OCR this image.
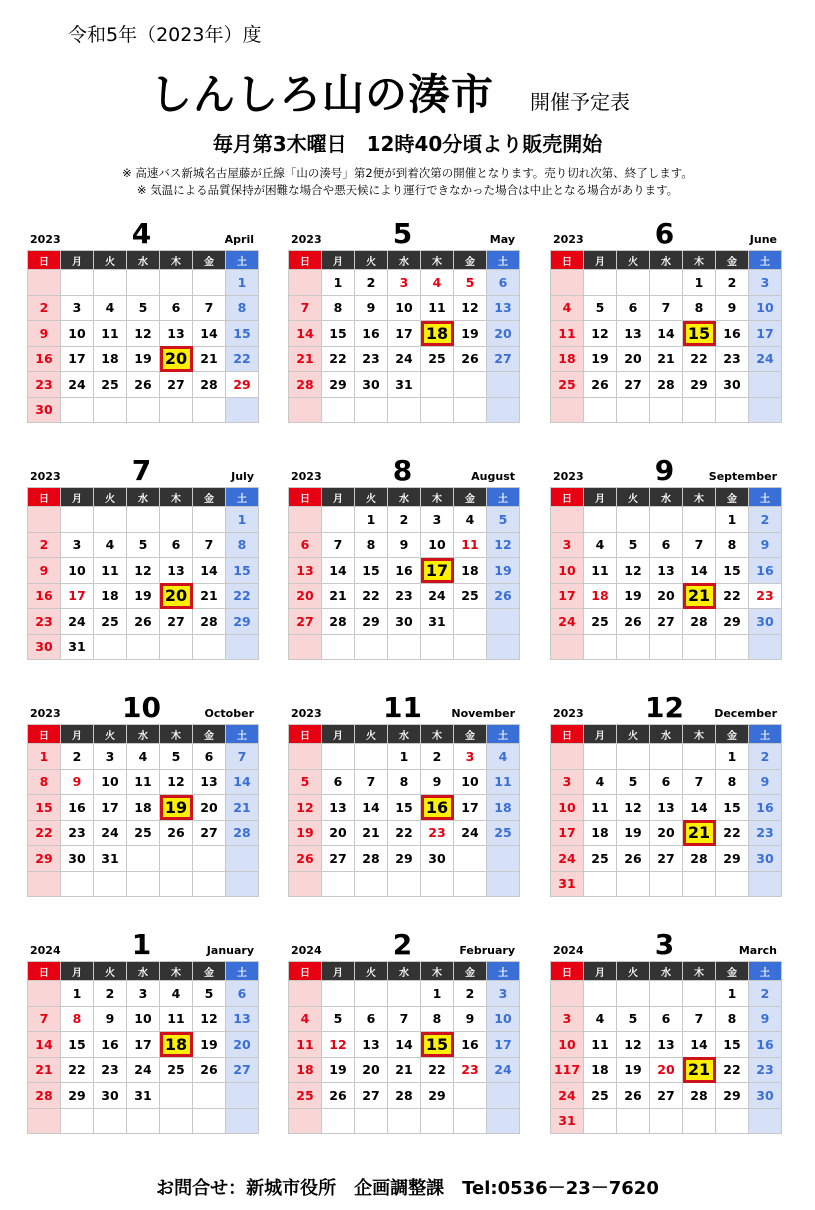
令和5年（2023年）度
しんしろ山の湊市 開催予定表
毎月第3木曜日　12時40分頃より販売開始
※ 高速バス新城名古屋藤が丘線「山の湊号」第2便が到着次第の開催となります。売り切れ次第、終了します。
※ 気温による品質保持が困難な場合や悪天候により運行できなかった場合は中止となる場合があります。
2023	4	April
日	月	火	水	木	金	土
						1
2	3	4	5	6	7	8
9	10	11	12	13	14	15
16	17	18	19	20	21	22
23	24	25	26	27	28	29
30						
2023	5	May
日	月	火	水	木	金	土
	1	2	3	4	5	6
7	8	9	10	11	12	13
14	15	16	17	18	19	20
21	22	23	24	25	26	27
28	29	30	31			

2023	6	June
日	月	火	水	木	金	土
				1	2	3
4	5	6	7	8	9	10
11	12	13	14	15	16	17
18	19	20	21	22	23	24
25	26	27	28	29	30	

2023	7	July
日	月	火	水	木	金	土
						1
2	3	4	5	6	7	8
9	10	11	12	13	14	15
16	17	18	19	20	21	22
23	24	25	26	27	28	29
30	31					
2023	8	August
日	月	火	水	木	金	土
		1	2	3	4	5
6	7	8	9	10	11	12
13	14	15	16	17	18	19
20	21	22	23	24	25	26
27	28	29	30	31		

2023	9	September
日	月	火	水	木	金	土
					1	2
3	4	5	6	7	8	9
10	11	12	13	14	15	16
17	18	19	20	21	22	23
24	25	26	27	28	29	30

2023	10	October
日	月	火	水	木	金	土
1	2	3	4	5	6	7
8	9	10	11	12	13	14
15	16	17	18	19	20	21
22	23	24	25	26	27	28
29	30	31				

2023	11	November
日	月	火	水	木	金	土
			1	2	3	4
5	6	7	8	9	10	11
12	13	14	15	16	17	18
19	20	21	22	23	24	25
26	27	28	29	30		

2023	12	December
日	月	火	水	木	金	土
					1	2
3	4	5	6	7	8	9
10	11	12	13	14	15	16
17	18	19	20	21	22	23
24	25	26	27	28	29	30
31						
2024	1	January
日	月	火	水	木	金	土
	1	2	3	4	5	6
7	8	9	10	11	12	13
14	15	16	17	18	19	20
21	22	23	24	25	26	27
28	29	30	31			

2024	2	February
日	月	火	水	木	金	土
				1	2	3
4	5	6	7	8	9	10
11	12	13	14	15	16	17
18	19	20	21	22	23	24
25	26	27	28	29		

2024	3	March
日	月	火	水	木	金	土
					1	2
3	4	5	6	7	8	9
10	11	12	13	14	15	16
117	18	19	20	21	22	23
24	25	26	27	28	29	30
31						
お問合せ：新城市役所　企画調整課　Tel:0536－23－7620
